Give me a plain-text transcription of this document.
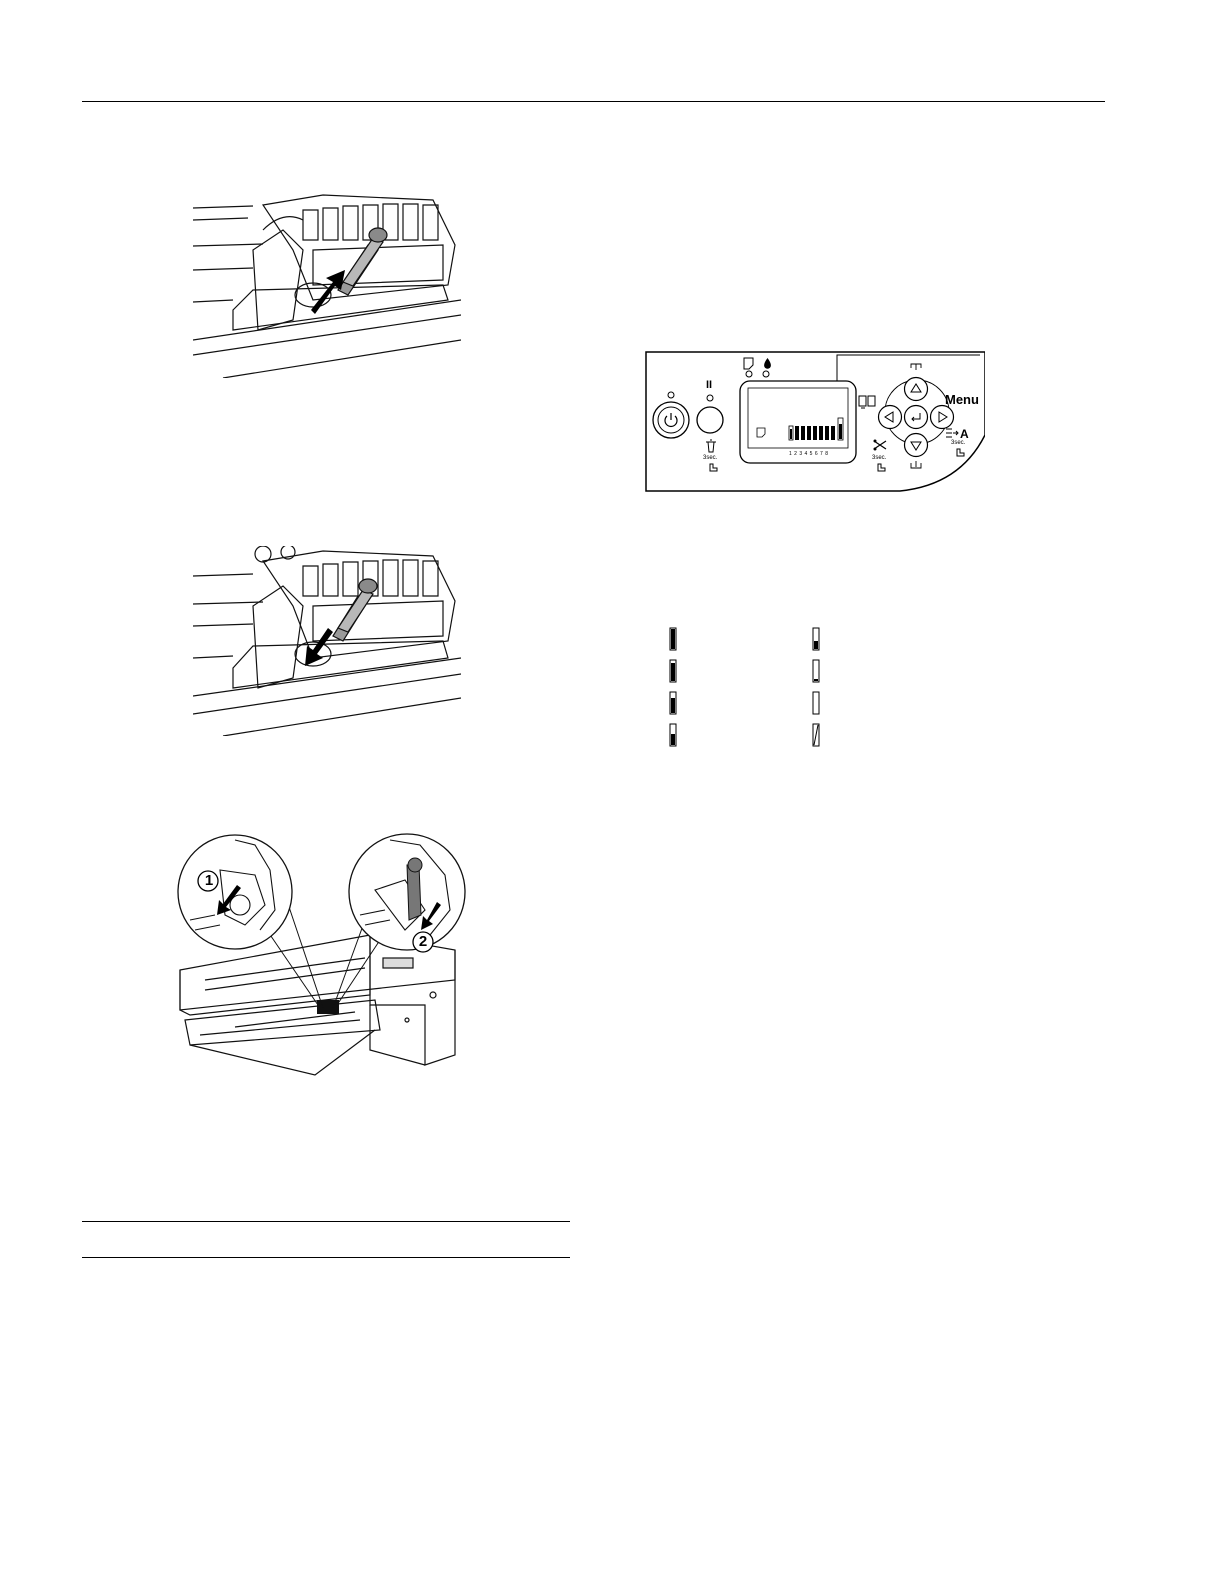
II
3sec.
1 2 3 4 5 6 7 8
3sec.
Menu
A
3sec.
1
2
